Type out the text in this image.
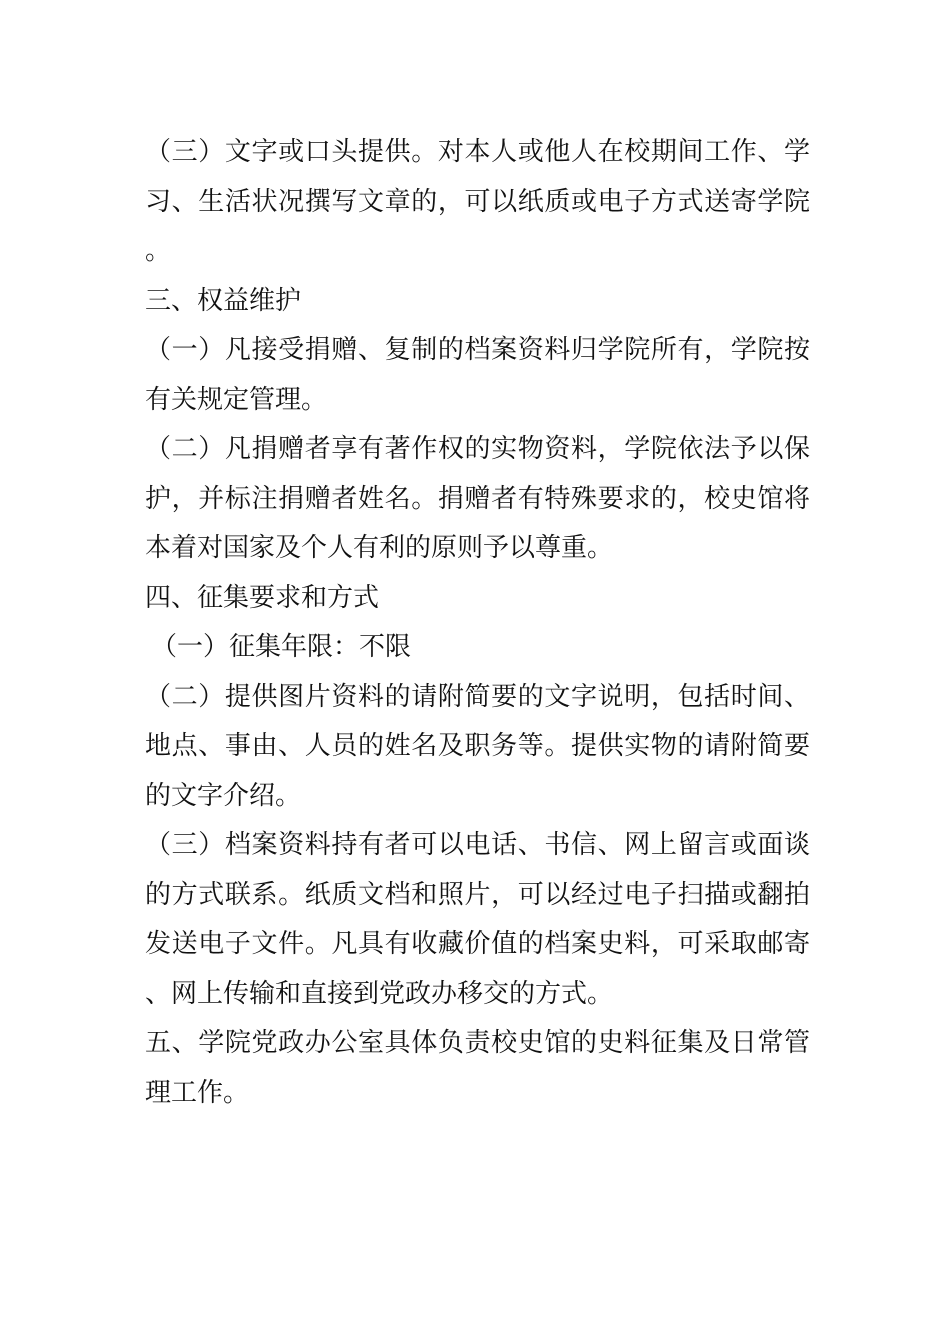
（三）文字或口头提供。对本人或他人在校期间工作、学习、生活状况撰写文章的，可以纸质或电子方式送寄学院。

三、权益维护

（一）凡接受捐赠、复制的档案资料归学院所有，学院按有关规定管理。

（二）凡捐赠者享有著作权的实物资料，学院依法予以保护，并标注捐赠者姓名。捐赠者有特殊要求的，校史馆将本着对国家及个人有利的原则予以尊重。

四、征集要求和方式

（一）征集年限：不限

（二）提供图片资料的请附简要的文字说明，包括时间、地点、事由、人员的姓名及职务等。提供实物的请附简要的文字介绍。

（三）档案资料持有者可以电话、书信、网上留言或面谈的方式联系。纸质文档和照片，可以经过电子扫描或翻拍发送电子文件。凡具有收藏价值的档案史料，可采取邮寄、网上传输和直接到党政办移交的方式。

五、学院党政办公室具体负责校史馆的史料征集及日常管理工作。
